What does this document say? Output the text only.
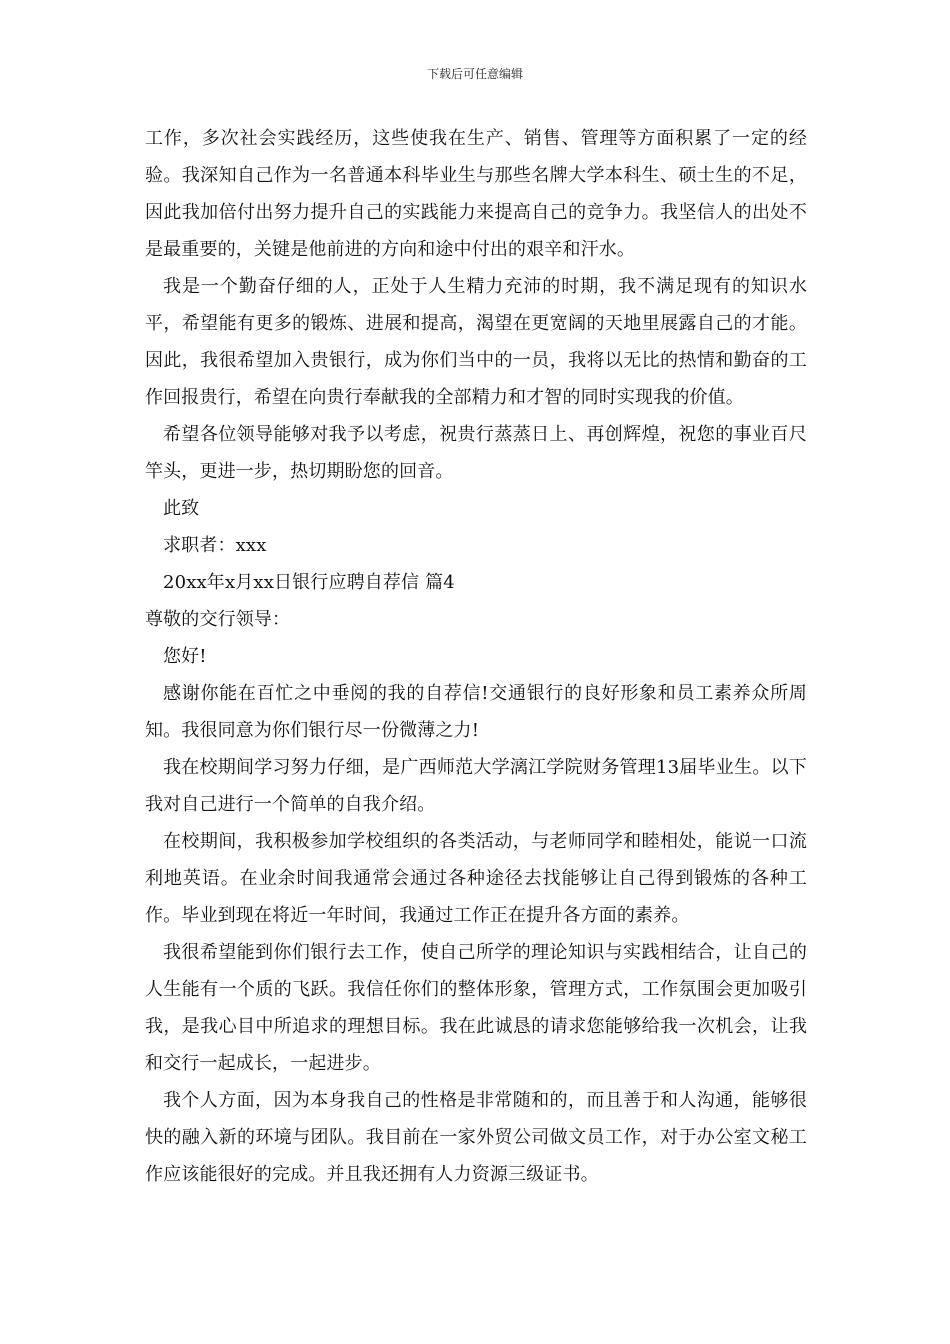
下载后可任意编辑

工作，多次社会实践经历，这些使我在生产、销售、管理等方面积累了一定的经验。我深知自己作为一名普通本科毕业生与那些名牌大学本科生、硕士生的不足，因此我加倍付出努力提升自己的实践能力来提高自己的竞争力。我坚信人的出处不是最重要的，关键是他前进的方向和途中付出的艰辛和汗水。

我是一个勤奋仔细的人，正处于人生精力充沛的时期，我不满足现有的知识水平，希望能有更多的锻炼、进展和提高，渴望在更宽阔的天地里展露自己的才能。因此，我很希望加入贵银行，成为你们当中的一员，我将以无比的热情和勤奋的工作回报贵行，希望在向贵行奉献我的全部精力和才智的同时实现我的价值。

希望各位领导能够对我予以考虑，祝贵行蒸蒸日上、再创辉煌，祝您的事业百尺竿头，更进一步，热切期盼您的回音。

此致

求职者：xxx

20xx年x月xx日银行应聘自荐信 篇4

尊敬的交行领导：

您好!

感谢你能在百忙之中垂阅的我的自荐信!交通银行的良好形象和员工素养众所周知。我很同意为你们银行尽一份微薄之力!

我在校期间学习努力仔细，是广西师范大学漓江学院财务管理13届毕业生。以下我对自己进行一个简单的自我介绍。

在校期间，我积极参加学校组织的各类活动，与老师同学和睦相处，能说一口流利地英语。在业余时间我通常会通过各种途径去找能够让自己得到锻炼的各种工作。毕业到现在将近一年时间，我通过工作正在提升各方面的素养。

我很希望能到你们银行去工作，使自己所学的理论知识与实践相结合，让自己的人生能有一个质的飞跃。我信任你们的整体形象，管理方式，工作氛围会更加吸引我，是我心目中所追求的理想目标。我在此诚恳的请求您能够给我一次机会，让我和交行一起成长，一起进步。

我个人方面，因为本身我自己的性格是非常随和的，而且善于和人沟通，能够很快的融入新的环境与团队。我目前在一家外贸公司做文员工作，对于办公室文秘工作应该能很好的完成。并且我还拥有人力资源三级证书。
